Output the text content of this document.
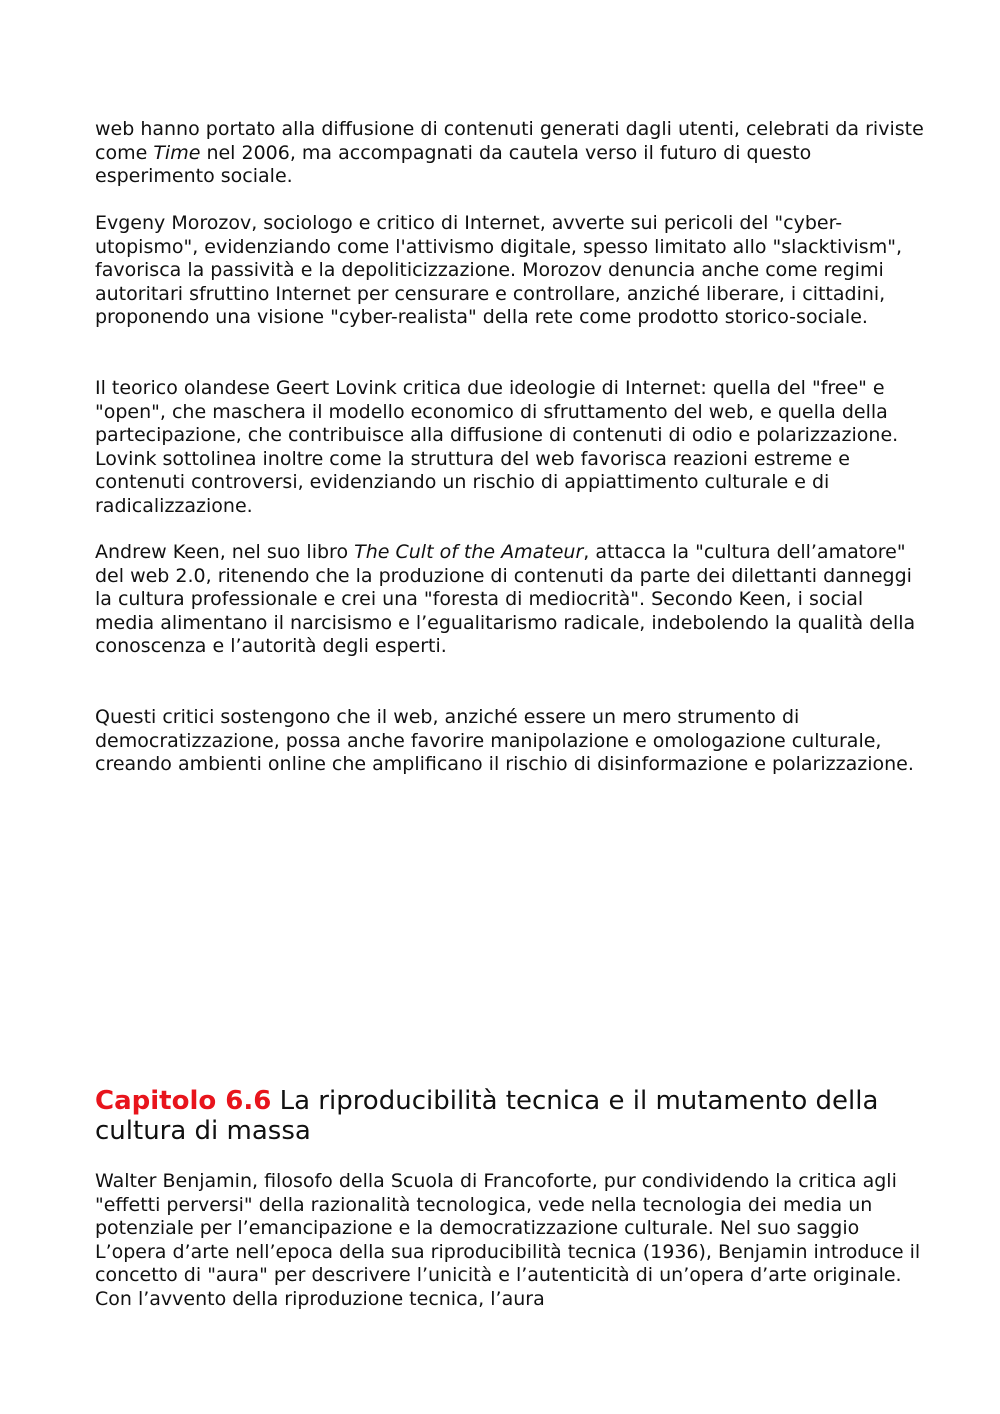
web hanno portato alla diffusione di contenuti generati dagli utenti, celebrati da riviste come Time nel 2006, ma accompagnati da cautela verso il futuro di questo esperimento sociale.

Evgeny Morozov, sociologo e critico di Internet, avverte sui pericoli del "cyber-utopismo", evidenziando come l'attivismo digitale, spesso limitato allo "slacktivism", favorisca la passività e la depoliticizzazione. Morozov denuncia anche come regimi autoritari sfruttino Internet per censurare e controllare, anziché liberare, i cittadini, proponendo una visione "cyber-realista" della rete come prodotto storico-sociale.

Il teorico olandese Geert Lovink critica due ideologie di Internet: quella del "free" e "open", che maschera il modello economico di sfruttamento del web, e quella della partecipazione, che contribuisce alla diffusione di contenuti di odio e polarizzazione. Lovink sottolinea inoltre come la struttura del web favorisca reazioni estreme e contenuti controversi, evidenziando un rischio di appiattimento culturale e di radicalizzazione.

Andrew Keen, nel suo libro The Cult of the Amateur, attacca la "cultura dell’amatore" del web 2.0, ritenendo che la produzione di contenuti da parte dei dilettanti danneggi la cultura professionale e crei una "foresta di mediocrità". Secondo Keen, i social media alimentano il narcisismo e l’egualitarismo radicale, indebolendo la qualità della conoscenza e l’autorità degli esperti.

Questi critici sostengono che il web, anziché essere un mero strumento di democratizzazione, possa anche favorire manipolazione e omologazione culturale, creando ambienti online che amplificano il rischio di disinformazione e polarizzazione.

Capitolo 6.6 La riproducibilità tecnica e il mutamento della cultura di massa

Walter Benjamin, filosofo della Scuola di Francoforte, pur condividendo la critica agli "effetti perversi" della razionalità tecnologica, vede nella tecnologia dei media un potenziale per l’emancipazione e la democratizzazione culturale. Nel suo saggio L’opera d’arte nell’epoca della sua riproducibilità tecnica (1936), Benjamin introduce il concetto di "aura" per descrivere l’unicità e l’autenticità di un’opera d’arte originale. Con l’avvento della riproduzione tecnica, l’aura
